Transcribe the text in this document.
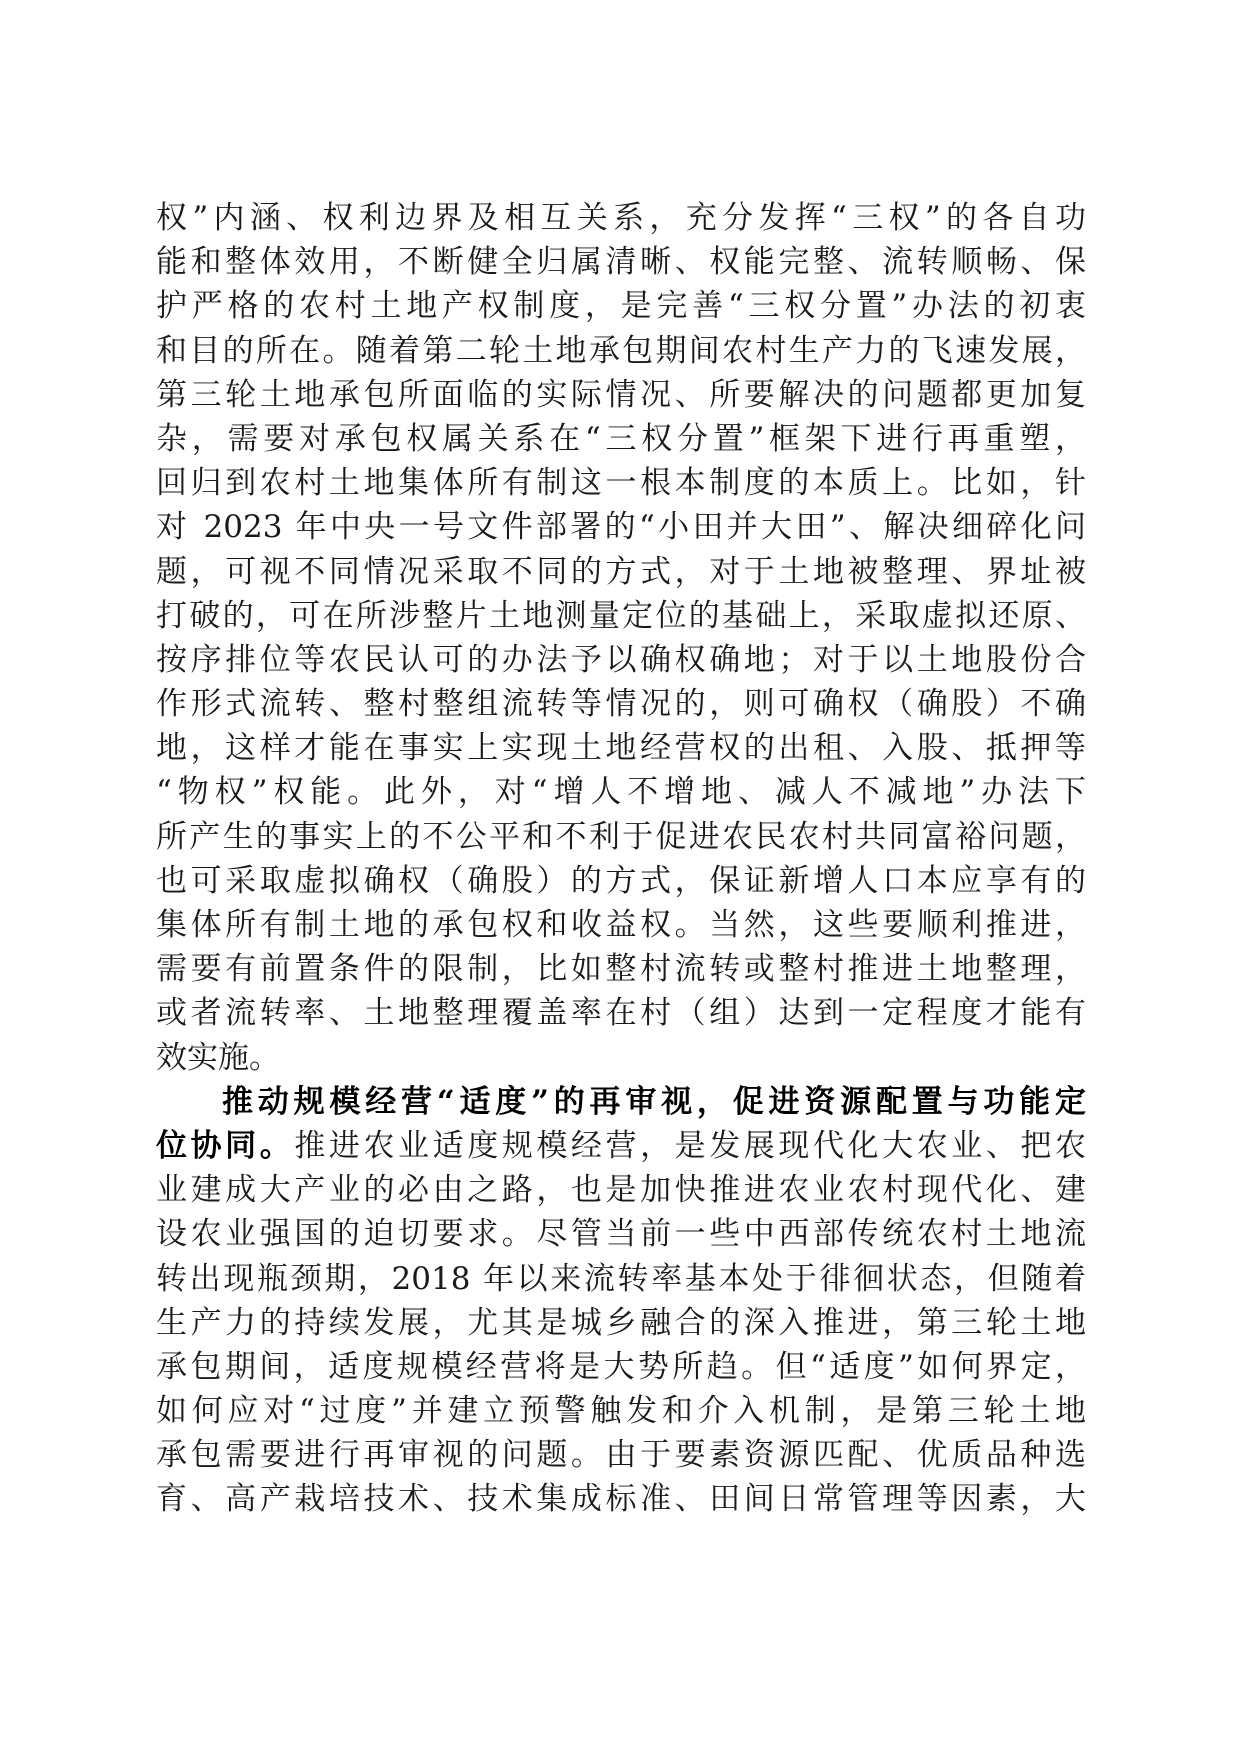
权”内涵、权利边界及相互关系，充分发挥“三权”的各自功
能和整体效用，不断健全归属清晰、权能完整、流转顺畅、保
护严格的农村土地产权制度，是完善“三权分置”办法的初衷
和目的所在。随着第二轮土地承包期间农村生产力的飞速发展，
第三轮土地承包所面临的实际情况、所要解决的问题都更加复
杂，需要对承包权属关系在“三权分置”框架下进行再重塑，
回归到农村土地集体所有制这一根本制度的本质上。比如，针
对 2023 年中央一号文件部署的“小田并大田”、解决细碎化问
题，可视不同情况采取不同的方式，对于土地被整理、界址被
打破的，可在所涉整片土地测量定位的基础上，采取虚拟还原、
按序排位等农民认可的办法予以确权确地；对于以土地股份合
作形式流转、整村整组流转等情况的，则可确权（确股）不确
地，这样才能在事实上实现土地经营权的出租、入股、抵押等
“物权”权能。此外，对“增人不增地、减人不减地”办法下
所产生的事实上的不公平和不利于促进农民农村共同富裕问题，
也可采取虚拟确权（确股）的方式，保证新增人口本应享有的
集体所有制土地的承包权和收益权。当然，这些要顺利推进，
需要有前置条件的限制，比如整村流转或整村推进土地整理，
或者流转率、土地整理覆盖率在村（组）达到一定程度才能有
效实施。
推动规模经营“适度”的再审视，促进资源配置与功能定
位协同。推进农业适度规模经营，是发展现代化大农业、把农
业建成大产业的必由之路，也是加快推进农业农村现代化、建
设农业强国的迫切要求。尽管当前一些中西部传统农村土地流
转出现瓶颈期，2018 年以来流转率基本处于徘徊状态，但随着
生产力的持续发展，尤其是城乡融合的深入推进，第三轮土地
承包期间，适度规模经营将是大势所趋。但“适度”如何界定，
如何应对“过度”并建立预警触发和介入机制，是第三轮土地
承包需要进行再审视的问题。由于要素资源匹配、优质品种选
育、高产栽培技术、技术集成标准、田间日常管理等因素，大
